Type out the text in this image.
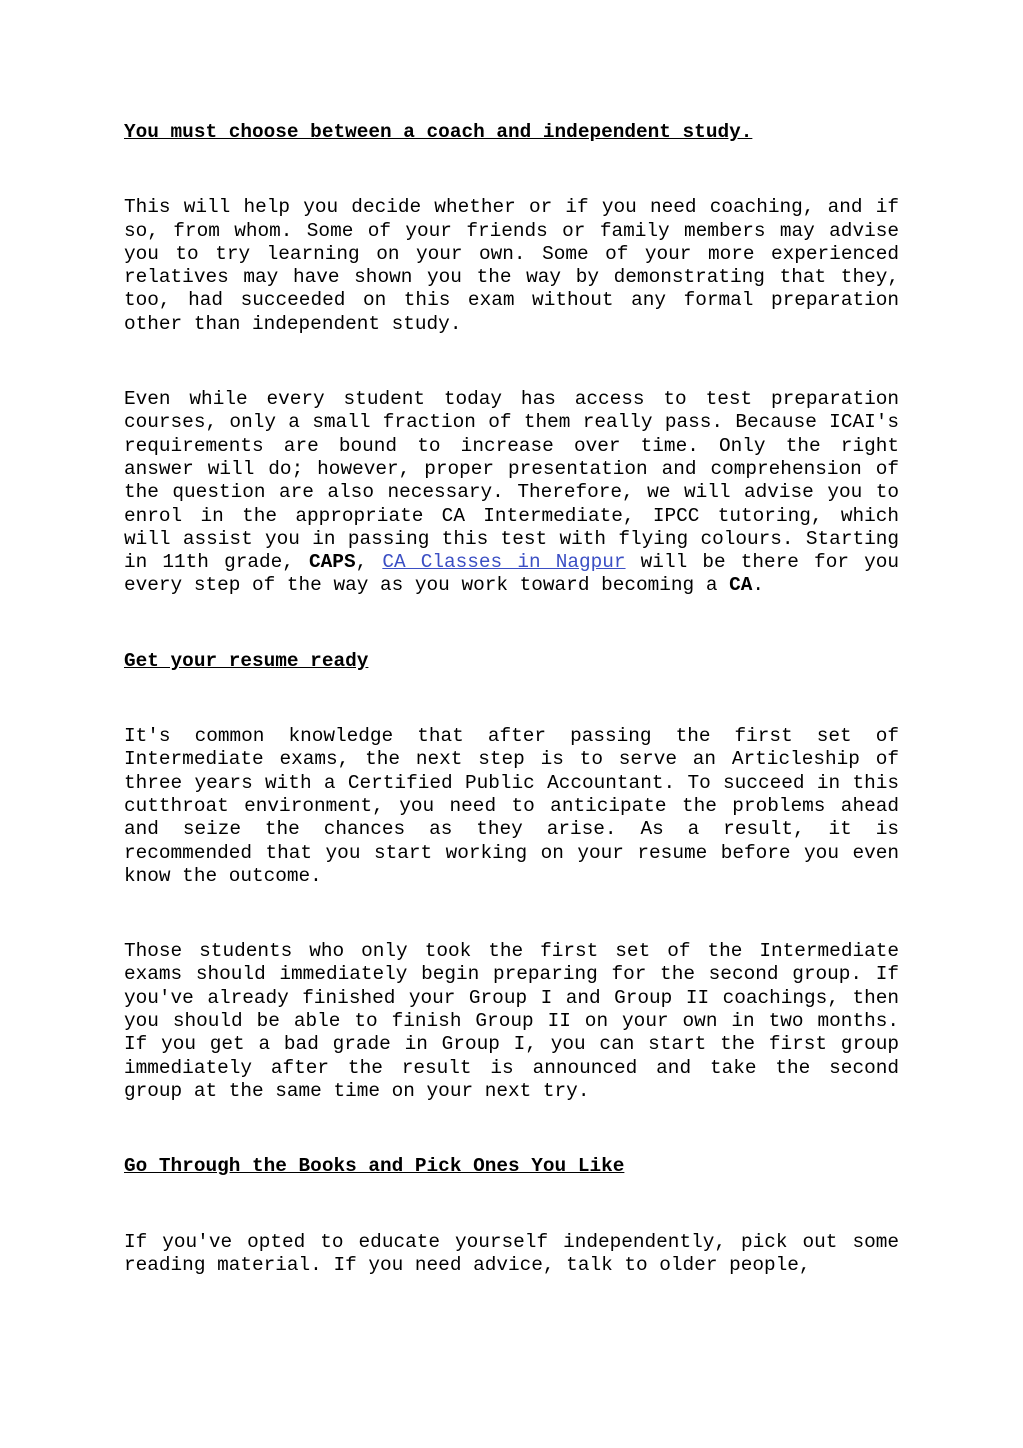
You must choose between a coach and independent study.

This will help you decide whether or if you need coaching, and if so, from whom. Some of your friends or family members may advise you to try learning on your own. Some of your more experienced relatives may have shown you the way by demonstrating that they, too, had succeeded on this exam without any formal preparation other than independent study.

Even while every student today has access to test preparation courses, only a small fraction of them really pass. Because ICAI's requirements are bound to increase over time. Only the right answer will do; however, proper presentation and comprehension of the question are also necessary. Therefore, we will advise you to enrol in the appropriate CA Intermediate, IPCC tutoring, which will assist you in passing this test with flying colours. Starting in 11th grade, CAPS, CA Classes in Nagpur will be there for you every step of the way as you work toward becoming a CA.

Get your resume ready

It's common knowledge that after passing the first set of Intermediate exams, the next step is to serve an Articleship of three years with a Certified Public Accountant. To succeed in this cutthroat environment, you need to anticipate the problems ahead and seize the chances as they arise. As a result, it is recommended that you start working on your resume before you even know the outcome.

Those students who only took the first set of the Intermediate exams should immediately begin preparing for the second group. If you've already finished your Group I and Group II coachings, then you should be able to finish Group II on your own in two months. If you get a bad grade in Group I, you can start the first group immediately after the result is announced and take the second group at the same time on your next try.

Go Through the Books and Pick Ones You Like

If you've opted to educate yourself independently, pick out some reading material. If you need advice, talk to older people,
